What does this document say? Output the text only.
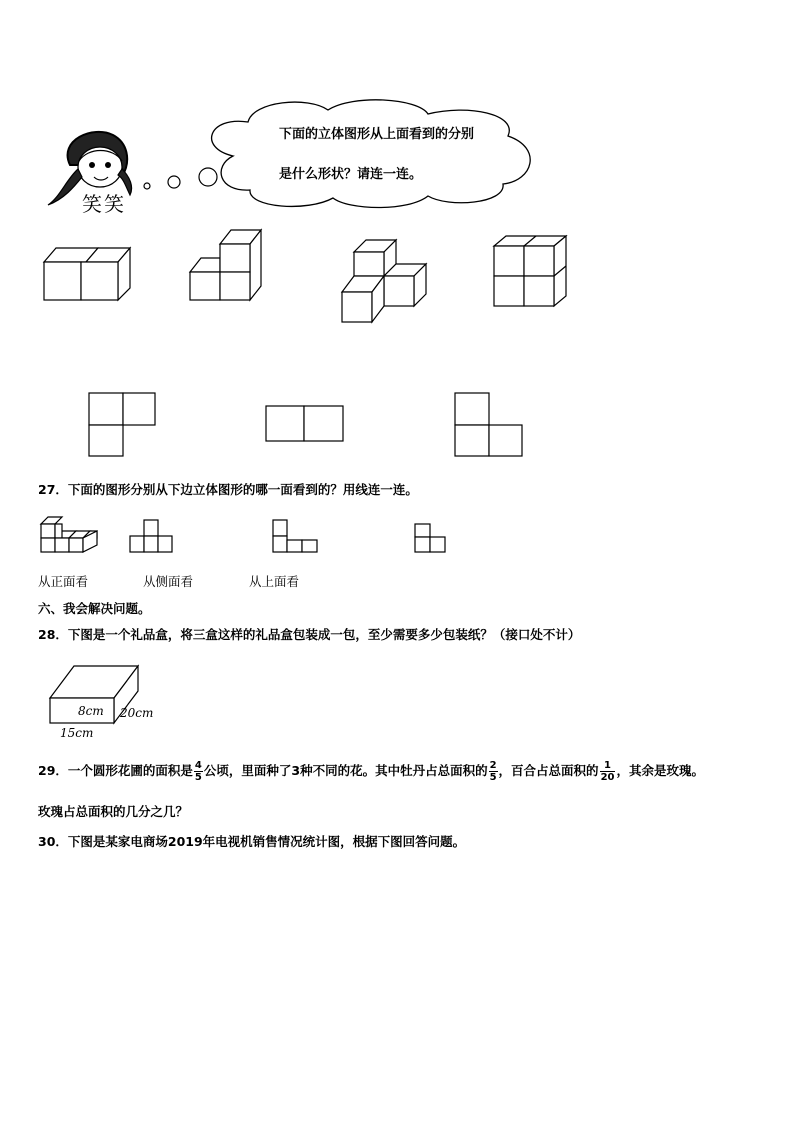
笑笑
下面的立体图形从上面看到的分别
是什么形状？请连一连。
27．下面的图形分别从下边立体图形的哪一面看到的？用线连一连。
从正面看	从侧面看	从上面看
六、我会解决问题。
28．下图是一个礼品盒，将三盒这样的礼品盒包装成一包，至少需要多少包装纸？（接口处不计）
8cm 20cm
15cm
29．一个圆形花圃的面积是 $\frac{4}{5}$ 公顷，里面种了3种不同的花。其中牡丹占总面积的 $\frac{2}{5}$ ，百合占总面积的 $\frac{1}{20}$ ，其余是玫瑰。
玫瑰占总面积的几分之几？
30．下图是某家电商场2019年电视机销售情况统计图，根据下图回答问题。
